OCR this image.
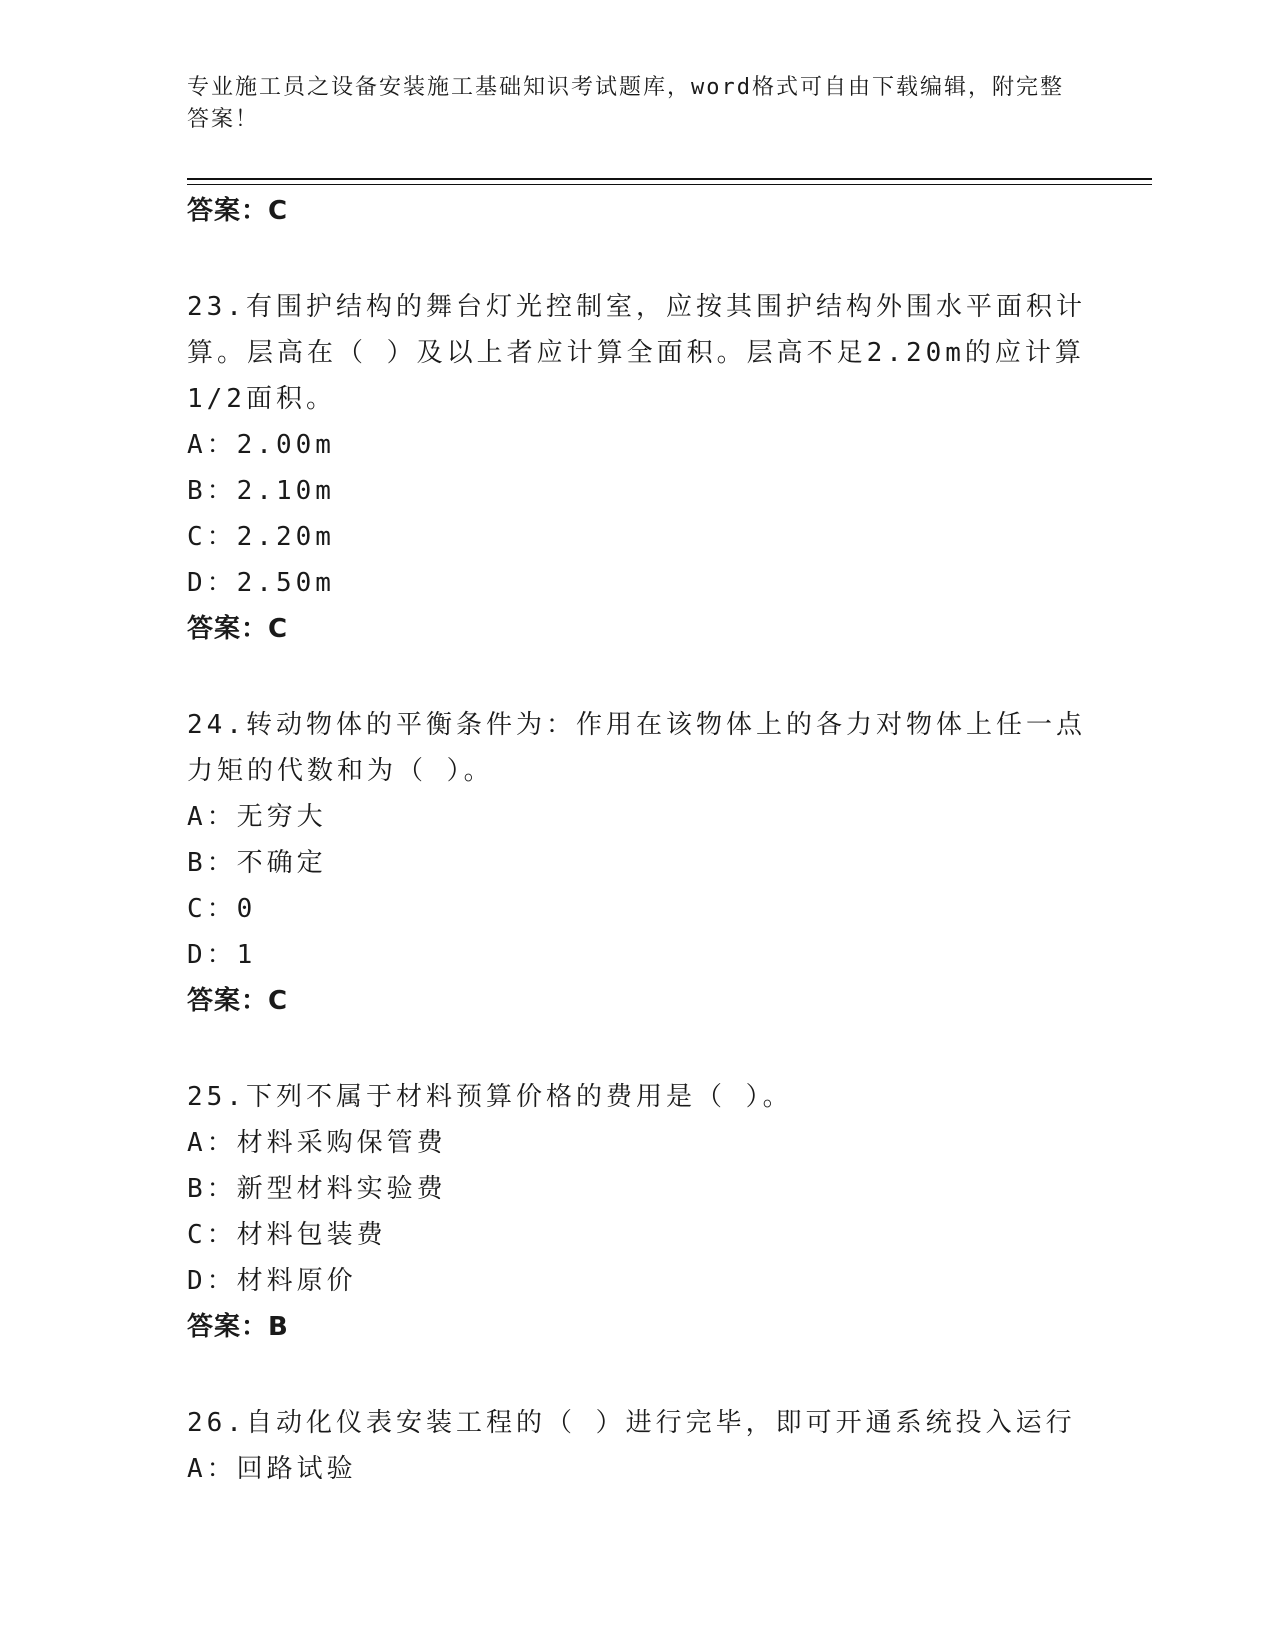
专业施工员之设备安装施工基础知识考试题库，word格式可自由下载编辑，附完整答案！
答案：C
23.有围护结构的舞台灯光控制室，应按其围护结构外围水平面积计算。层高在（ ）及以上者应计算全面积。层高不足2.20m的应计算1/2面积。
A：2.00m
B：2.10m
C：2.20m
D：2.50m
答案：C
24.转动物体的平衡条件为：作用在该物体上的各力对物体上任一点力矩的代数和为（ ）。
A：无穷大
B：不确定
C：0
D：1
答案：C
25.下列不属于材料预算价格的费用是（ ）。
A：材料采购保管费
B：新型材料实验费
C：材料包装费
D：材料原价
答案：B
26.自动化仪表安装工程的（ ）进行完毕，即可开通系统投入运行
A：回路试验
